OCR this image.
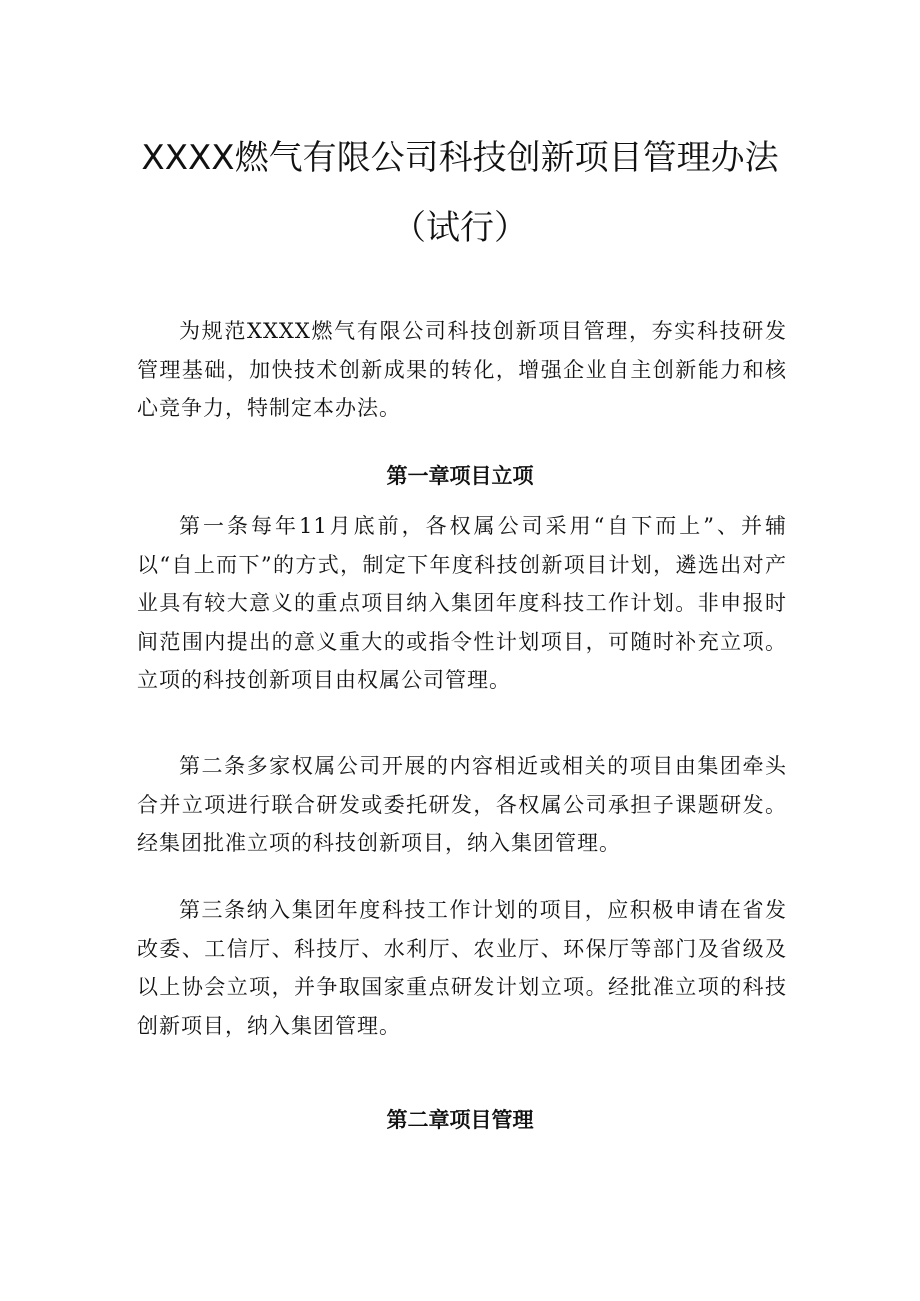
XXXX燃气有限公司科技创新项目管理办法
（试行）

为规范XXXX燃气有限公司科技创新项目管理，夯实科技研发管理基础，加快技术创新成果的转化，增强企业自主创新能力和核心竞争力，特制定本办法。

第一章项目立项

第一条每年11月底前，各权属公司采用“自下而上”、并辅以“自上而下”的方式，制定下年度科技创新项目计划，遴选出对产业具有较大意义的重点项目纳入集团年度科技工作计划。非申报时间范围内提出的意义重大的或指令性计划项目，可随时补充立项。立项的科技创新项目由权属公司管理。

第二条多家权属公司开展的内容相近或相关的项目由集团牵头合并立项进行联合研发或委托研发，各权属公司承担子课题研发。经集团批准立项的科技创新项目，纳入集团管理。

第三条纳入集团年度科技工作计划的项目，应积极申请在省发改委、工信厅、科技厅、水利厅、农业厅、环保厅等部门及省级及以上协会立项，并争取国家重点研发计划立项。经批准立项的科技创新项目，纳入集团管理。

第二章项目管理
